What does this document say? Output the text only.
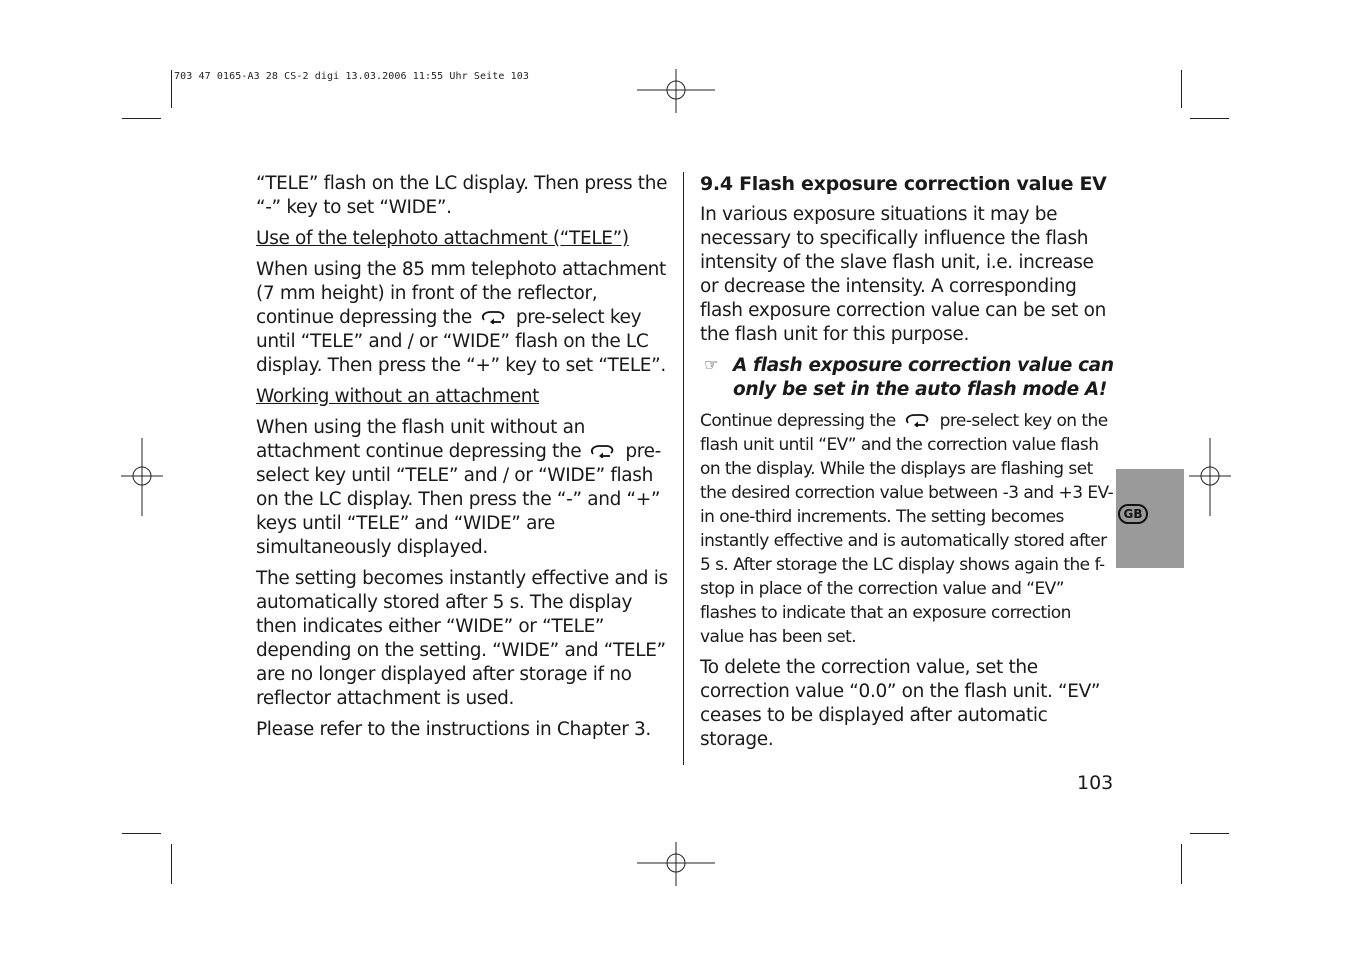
703 47 0165-A3 28 CS-2 digi 13.03.2006 11:55 Uhr Seite 103

“TELE” flash on the LC display. Then press the “-” key to set “WIDE”.

Use of the telephoto attachment (“TELE”)

When using the 85 mm telephoto attachment (7 mm height) in front of the reflector, continue depressing the pre-select key until “TELE” and / or “WIDE” flash on the LC display. Then press the “+” key to set “TELE”.

Working without an attachment

When using the flash unit without an attachment continue depressing the pre-select key until “TELE” and / or “WIDE” flash on the LC display. Then press the “-” and “+” keys until “TELE” and “WIDE” are simultaneously displayed.

The setting becomes instantly effective and is automatically stored after 5 s. The display then indicates either “WIDE” or “TELE” depending on the setting. “WIDE” and “TELE” are no longer displayed after storage if no reflector attachment is used.

Please refer to the instructions in Chapter 3.

9.4 Flash exposure correction value EV

In various exposure situations it may be necessary to specifically influence the flash intensity of the slave flash unit, i.e. increase or decrease the intensity. A corresponding flash exposure correction value can be set on the flash unit for this purpose.

☞ A flash exposure correction value can only be set in the auto flash mode A!

Continue depressing the	pre-select key on the flash unit until “EV” and the correction value flash on the display. While the displays are flashing set the desired correction value between -3 and +3 EV- in one-third increments. The setting becomes instantly effective and is automatically stored after 5 s. After storage the LC display shows again the f-stop in place of the correction value and “EV” flashes to indicate that an exposure correction value has been set.

To delete the correction value, set the correction value “0.0” on the flash unit. “EV” ceases to be displayed after automatic storage.

GB
103
